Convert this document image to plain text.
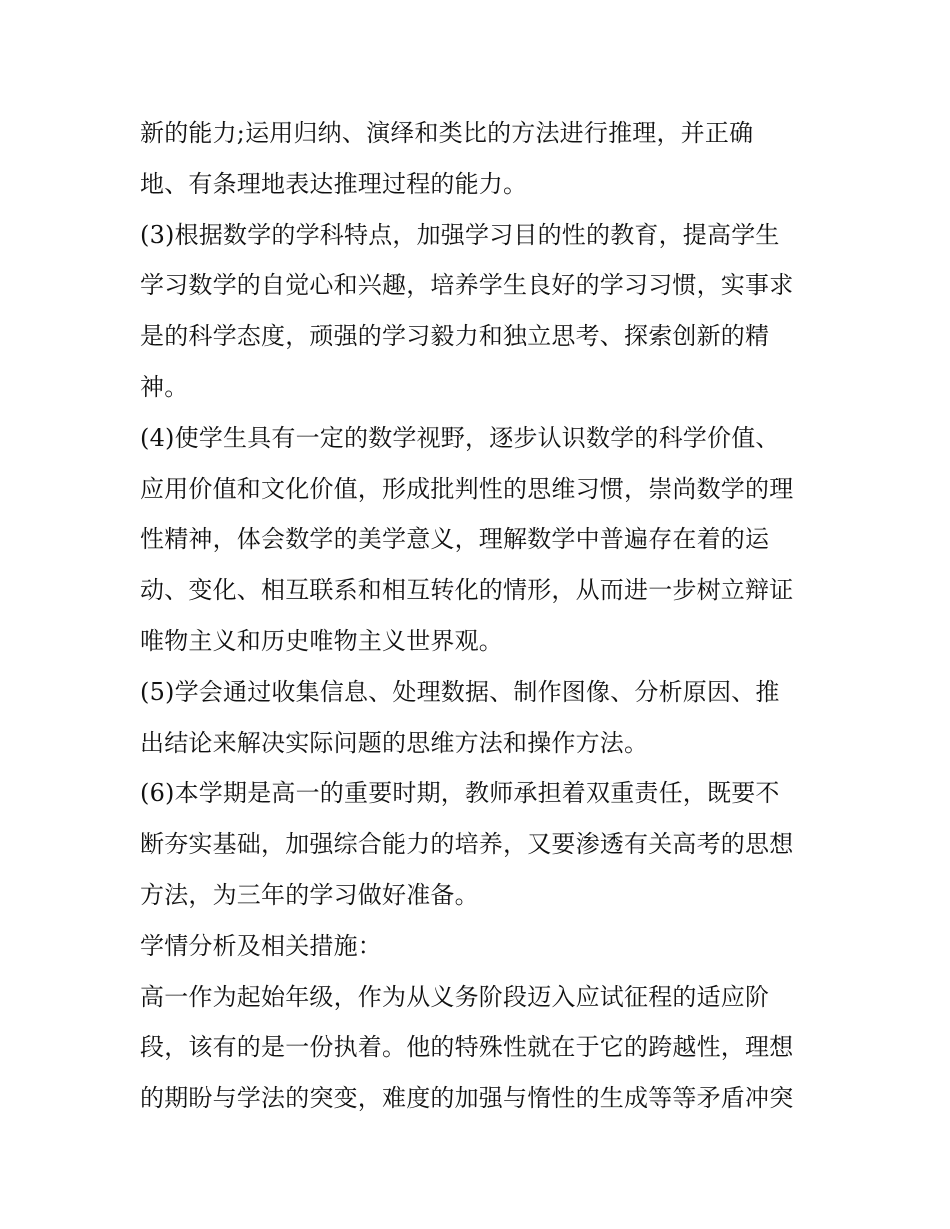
新的能力;运用归纳、演绎和类比的方法进行推理，并正确
地、有条理地表达推理过程的能力。
(3)根据数学的学科特点，加强学习目的性的教育，提高学生
学习数学的自觉心和兴趣，培养学生良好的学习习惯，实事求
是的科学态度，顽强的学习毅力和独立思考、探索创新的精
神。
(4)使学生具有一定的数学视野，逐步认识数学的科学价值、
应用价值和文化价值，形成批判性的思维习惯，崇尚数学的理
性精神，体会数学的美学意义，理解数学中普遍存在着的运
动、变化、相互联系和相互转化的情形，从而进一步树立辩证
唯物主义和历史唯物主义世界观。
(5)学会通过收集信息、处理数据、制作图像、分析原因、推
出结论来解决实际问题的思维方法和操作方法。
(6)本学期是高一的重要时期，教师承担着双重责任，既要不
断夯实基础，加强综合能力的培养，又要渗透有关高考的思想
方法，为三年的学习做好准备。
学情分析及相关措施：
高一作为起始年级，作为从义务阶段迈入应试征程的适应阶
段，该有的是一份执着。他的特殊性就在于它的跨越性，理想
的期盼与学法的突变，难度的加强与惰性的生成等等矛盾冲突
